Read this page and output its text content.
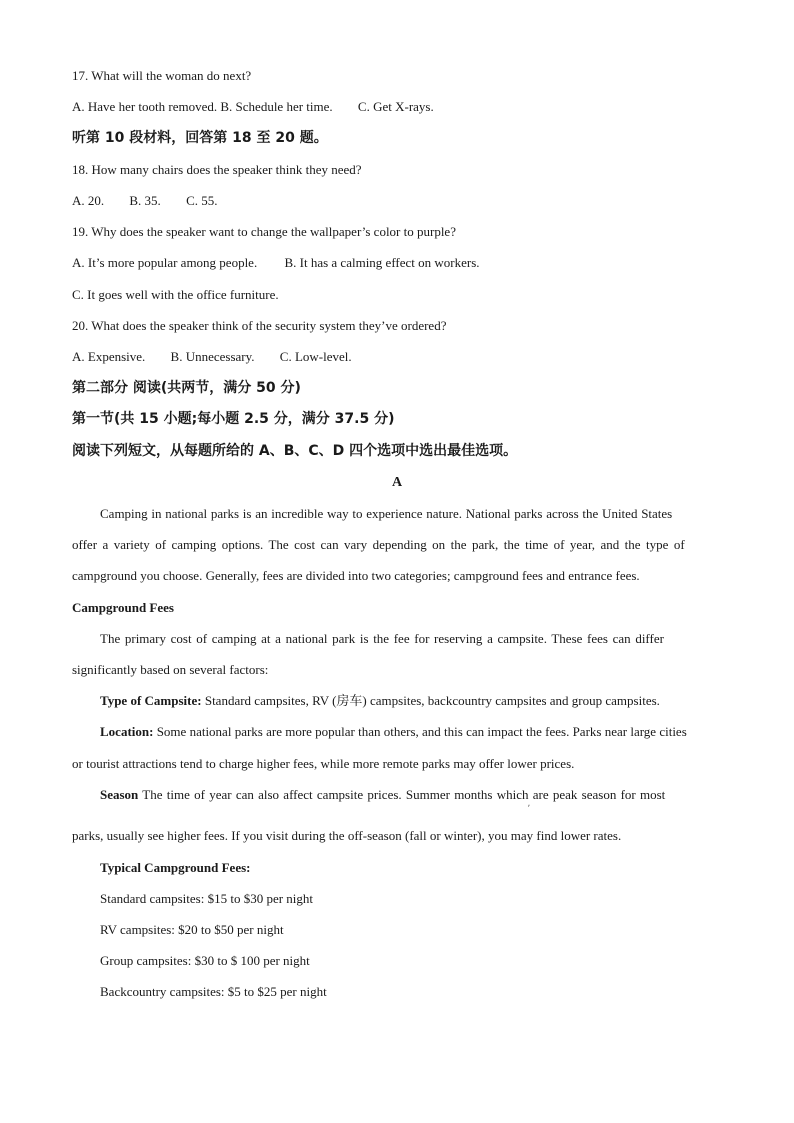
17. What will the woman do next?
A. Have her tooth removed. B. Schedule her time. C. Get X-rays.
听第 10 段材料，回答第 18 至 20 题。
18. How many chairs does the speaker think they need?
A. 20. B. 35. C. 55.
19. Why does the speaker want to change the wallpaper’s color to purple?
A. It’s more popular among people. B. It has a calming effect on workers.
C. It goes well with the office furniture.
20. What does the speaker think of the security system they’ve ordered?
A. Expensive. B. Unnecessary. C. Low-level.
第二部分 阅读(共两节，满分 50 分)
第一节(共 15 小题;每小题 2.5 分，满分 37.5 分)
阅读下列短文，从每题所给的 A、B、C、D 四个选项中选出最佳选项。
A
Camping in national parks is an incredible way to experience nature. National parks across the United States
offer a variety of camping options. The cost can vary depending on the park, the time of year, and the type of
campground you choose. Generally, fees are divided into two categories; campground fees and entrance fees.
Campground Fees
The primary cost of camping at a national park is the fee for reserving a campsite. These fees can differ
significantly based on several factors:
Type of Campsite: Standard campsites, RV (房车) campsites, backcountry campsites and group campsites.
Location: Some national parks are more popular than others, and this can impact the fees. Parks near large cities
or tourist attractions tend to charge higher fees, while more remote parks may offer lower prices.
Season The time of year can also affect campsite prices. Summer months which are peak season for most
ʹ
parks, usually see higher fees. If you visit during the off-season (fall or winter), you may find lower rates.
Typical Campground Fees:
Standard campsites: $15 to $30 per night
RV campsites: $20 to $50 per night
Group campsites: $30 to $ 100 per night
Backcountry campsites: $5 to $25 per night
